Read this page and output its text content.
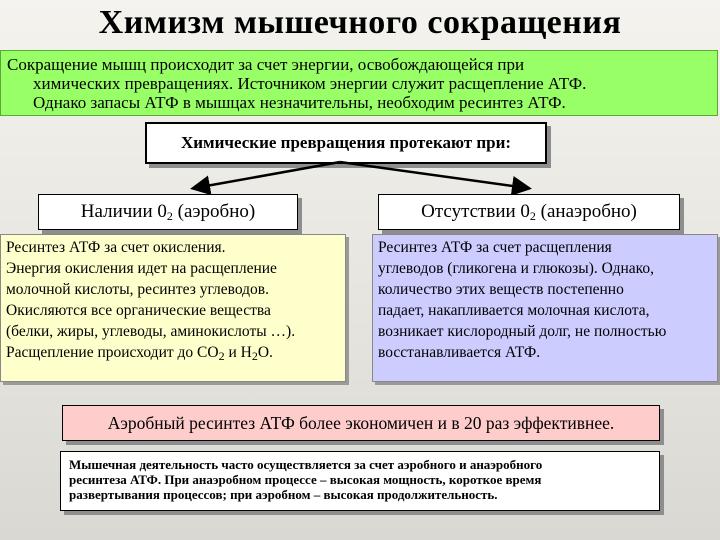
Химизм мышечного сокращения
Сокращение мышц происходит за счет энергии, освобождающейся при
химических превращениях. Источником энергии служит расщепление АТФ.
Однако запасы АТФ в мышцах незначительны, необходим ресинтез АТФ.
Химические превращения протекают при:
Наличии $0_2$ (аэробно)	Отсутствии $0_2$ (анаэробно)
Ресинтез АТФ за счет окисления.
Энергия окисления идет на расщепление
молочной кислоты, ресинтез углеводов.
Окисляются все органические вещества
(белки, жиры, углеводы, аминокислоты …).
Расщепление происходит до $СО_2$ и $Н_2О$.
Ресинтез АТФ за счет расщепления
углеводов (гликогена и глюкозы). Однако,
количество этих веществ постепенно
падает, накапливается молочная кислота,
возникает кислородный долг, не полностью
восстанавливается АТФ.
Аэробный ресинтез АТФ более экономичен и в 20 раз эффективнее.
Мышечная деятельность часто осуществляется за счет аэробного и анаэробного
ресинтеза АТФ. При анаэробном процессе – высокая мощность, короткое время
развертывания процессов; при аэробном – высокая продолжительность.
